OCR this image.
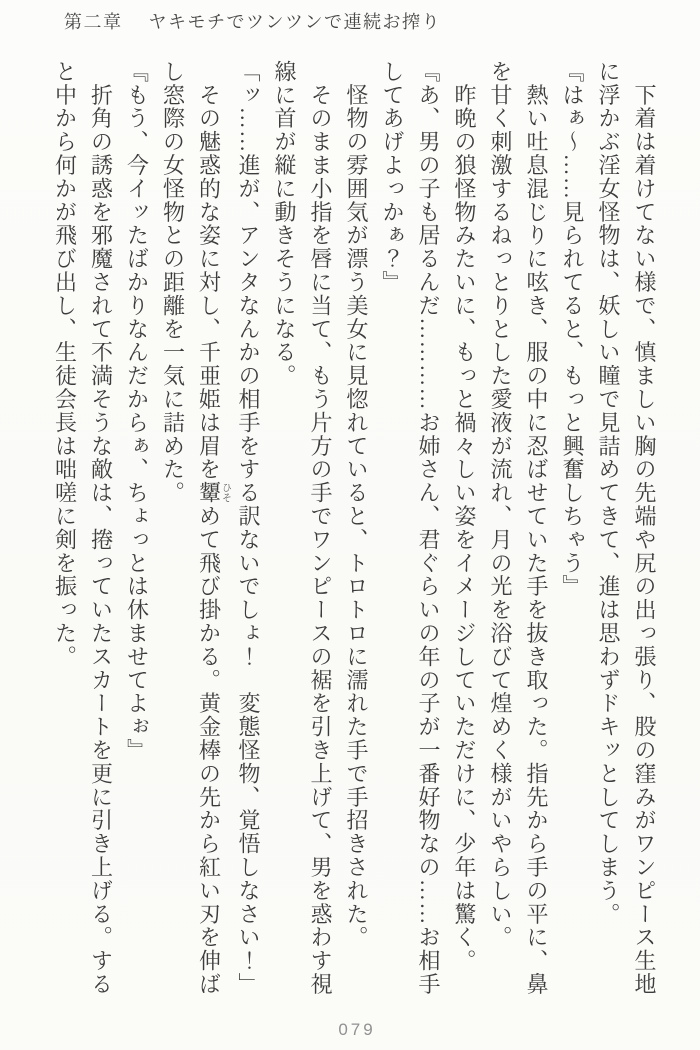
第二章 ヤキモチでツンツンで連続お搾り
　下着は着けてない様で、慎ましい胸の先端や尻の出っ張り、股の窪みがワンピース生地
に浮かぶ淫女怪物は、妖しい瞳で見詰めてきて、進は思わずドキッとしてしまう。
『はぁ〜……見られてると、もっと興奮しちゃう』
　熱い吐息混じりに呟き、服の中に忍ばせていた手を抜き取った。指先から手の平に、鼻
を甘く刺激するねっとりとした愛液が流れ、月の光を浴びて煌めく様がいやらしい。
　昨晩の狼怪物みたいに、もっと禍々しい姿をイメージしていただけに、少年は驚く。
『あ、男の子も居るんだ…………お姉さん、君ぐらいの年の子が一番好物なの……お相手
してあげよっかぁ？』
　怪物の雰囲気が漂う美女に見惚れていると、トロトロに濡れた手で手招きされた。
　そのまま小指を唇に当て、もう片方の手でワンピースの裾を引き上げて、男を惑わす視
線に首が縦に動きそうになる。
「ッ……進が、アンタなんかの相手をする訳ないでしょ！　変態怪物、覚悟しなさい！」
　その魅惑的な姿に対し、千亜姫は眉を顰ひそめて飛び掛かる。黄金棒の先から紅い刃を伸ば
し窓際の女怪物との距離を一気に詰めた。
『もう、今イッたばかりなんだからぁ、ちょっとは休ませてよぉ』
　折角の誘惑を邪魔されて不満そうな敵は、捲っていたスカートを更に引き上げる。する
と中から何かが飛び出し、生徒会長は咄嗟に剣を振った。
079
